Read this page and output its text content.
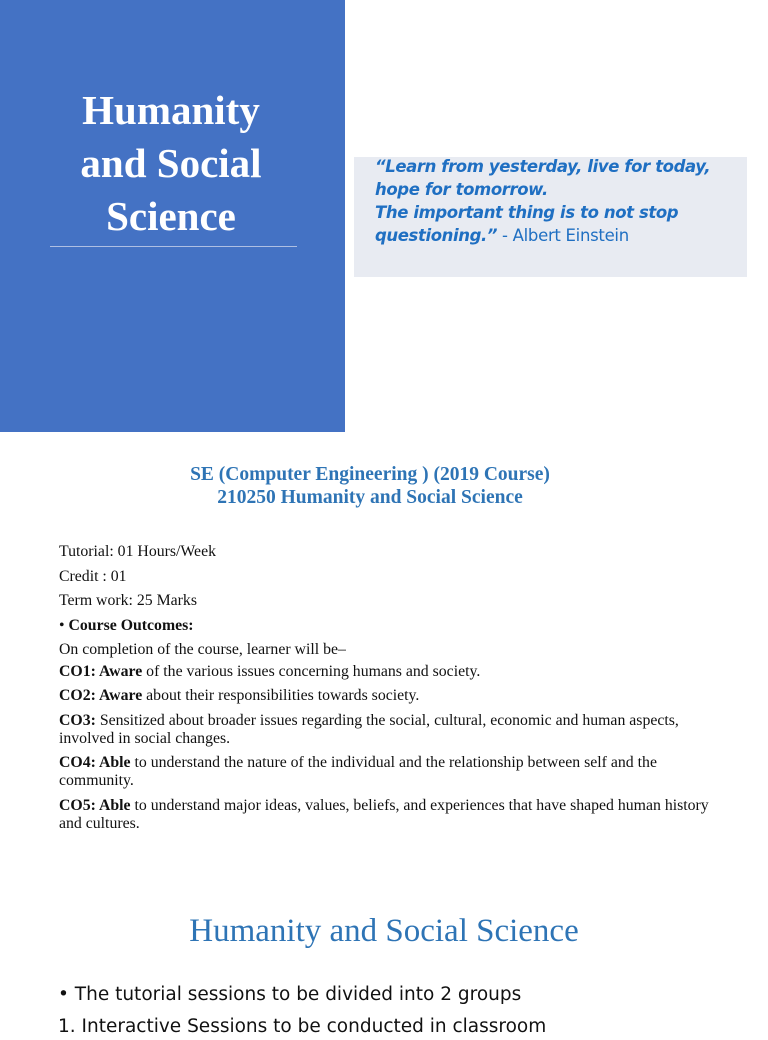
Humanity
and Social
Science
Dr Madhavi Pradhan
AISSMS College of Engg, Pune
“Learn from yesterday, live for today,
hope for tomorrow.
The important thing is to not stop
questioning.” - Albert Einstein
SE (Computer Engineering ) (2019 Course)
210250 Humanity and Social Science
Tutorial: 01 Hours/Week
Credit : 01
Term work: 25 Marks
• Course Outcomes:
On completion of the course, learner will be–
CO1: Aware of the various issues concerning humans and society.
CO2: Aware about their responsibilities towards society.
CO3: Sensitized about broader issues regarding the social, cultural, economic and human aspects, involved in social changes.
CO4: Able to understand the nature of the individual and the relationship between self and the community.
CO5: Able to understand major ideas, values, beliefs, and experiences that have shaped human history and cultures.
Humanity and Social Science
• The tutorial sessions to be divided into 2 groups
1. Interactive Sessions to be conducted in classroom
